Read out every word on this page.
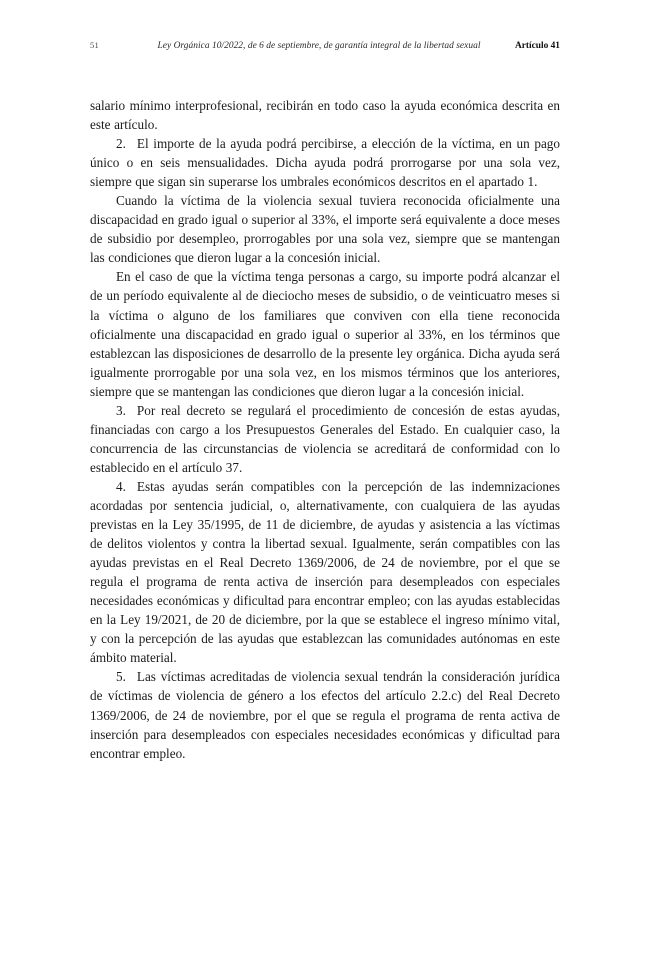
51	Ley Orgánica 10/2022, de 6 de septiembre, de garantía integral de la libertad sexual	Artículo 41

salario mínimo interprofesional, recibirán en todo caso la ayuda económica descrita en este artículo.

2. El importe de la ayuda podrá percibirse, a elección de la víctima, en un pago único o en seis mensualidades. Dicha ayuda podrá prorrogarse por una sola vez, siempre que sigan sin superarse los umbrales económicos descritos en el apartado 1.

Cuando la víctima de la violencia sexual tuviera reconocida oficialmente una discapacidad en grado igual o superior al 33%, el importe será equivalente a doce meses de subsidio por desempleo, prorrogables por una sola vez, siempre que se mantengan las condiciones que dieron lugar a la concesión inicial.

En el caso de que la víctima tenga personas a cargo, su importe podrá alcanzar el de un período equivalente al de dieciocho meses de subsidio, o de veinticuatro meses si la víctima o alguno de los familiares que conviven con ella tiene reconocida oficialmente una discapacidad en grado igual o superior al 33%, en los términos que establezcan las disposiciones de desarrollo de la presente ley orgánica. Dicha ayuda será igualmente prorrogable por una sola vez, en los mismos términos que los anteriores, siempre que se mantengan las condiciones que dieron lugar a la concesión inicial.

3. Por real decreto se regulará el procedimiento de concesión de estas ayudas, financiadas con cargo a los Presupuestos Generales del Estado. En cualquier caso, la concurrencia de las circunstancias de violencia se acreditará de conformidad con lo establecido en el artículo 37.

4. Estas ayudas serán compatibles con la percepción de las indemnizaciones acordadas por sentencia judicial, o, alternativamente, con cualquiera de las ayudas previstas en la Ley 35/1995, de 11 de diciembre, de ayudas y asistencia a las víctimas de delitos violentos y contra la libertad sexual. Igualmente, serán compatibles con las ayudas previstas en el Real Decreto 1369/2006, de 24 de noviembre, por el que se regula el programa de renta activa de inserción para desempleados con especiales necesidades económicas y dificultad para encontrar empleo; con las ayudas establecidas en la Ley 19/2021, de 20 de diciembre, por la que se establece el ingreso mínimo vital, y con la percepción de las ayudas que establezcan las comunidades autónomas en este ámbito material.

5. Las víctimas acreditadas de violencia sexual tendrán la consideración jurídica de víctimas de violencia de género a los efectos del artículo 2.2.c) del Real Decreto 1369/2006, de 24 de noviembre, por el que se regula el programa de renta activa de inserción para desempleados con especiales necesidades económicas y dificultad para encontrar empleo.
